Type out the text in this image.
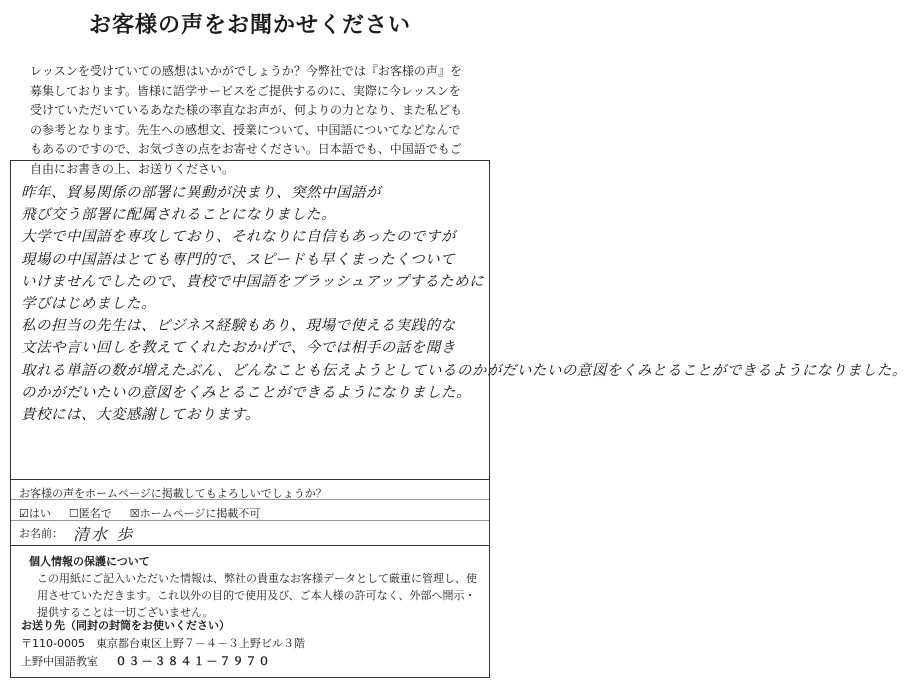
お客様の声をお聞かせください
レッスンを受けていての感想はいかがでしょうか？今弊社では『お客様の声』を募集しております。皆様に語学サービスをご提供するのに、実際に今レッスンを受けていただいているあなた様の率直なお声が、何よりの力となり、また私どもの参考となります。先生への感想文、授業について、中国語についてなどなんでもあるのですので、お気づきの点をお寄せください。日本語でも、中国語でもご自由にお書きの上、お送りください。
昨年、貿易関係の部署に異動が決まり、突然中国語が
飛び交う部署に配属されることになりました。
大学で中国語を専攻しており、それなりに自信もあったのですが
現場の中国語はとても専門的で、スピードも早くまったくついて
いけませんでしたので、貴校で中国語をブラッシュアップするために
学びはじめました。
私の担当の先生は、ビジネス経験もあり、現場で使える実践的な
文法や言い回しを教えてくれたおかげで、今では相手の話を聞き
取れる単語の数が増えたぶん、どんなことも伝えようとしているのかがだいたいの意図をくみとることができるようになりました。
のかがだいたいの意図をくみとることができるようになりました。
貴校には、大変感謝しております。
お客様の声をホームページに掲載してもよろしいでしょうか？
☑はい ☐匿名で ☒ホームページに掲載不可
お名前： 清水 歩
個人情報の保護について

この用紙にご記入いただいた情報は、弊社の貴重なお客様データとして厳重に管理し、使用させていただきます。これ以外の目的で使用及び、ご本人様の許可なく、外部へ開示・提供することは一切ございません。

お送り先（同封の封筒をお使いください）
〒110-0005　東京都台東区上野７－４－３上野ビル３階
上野中国語教室 ０３－３８４１－７９７０
